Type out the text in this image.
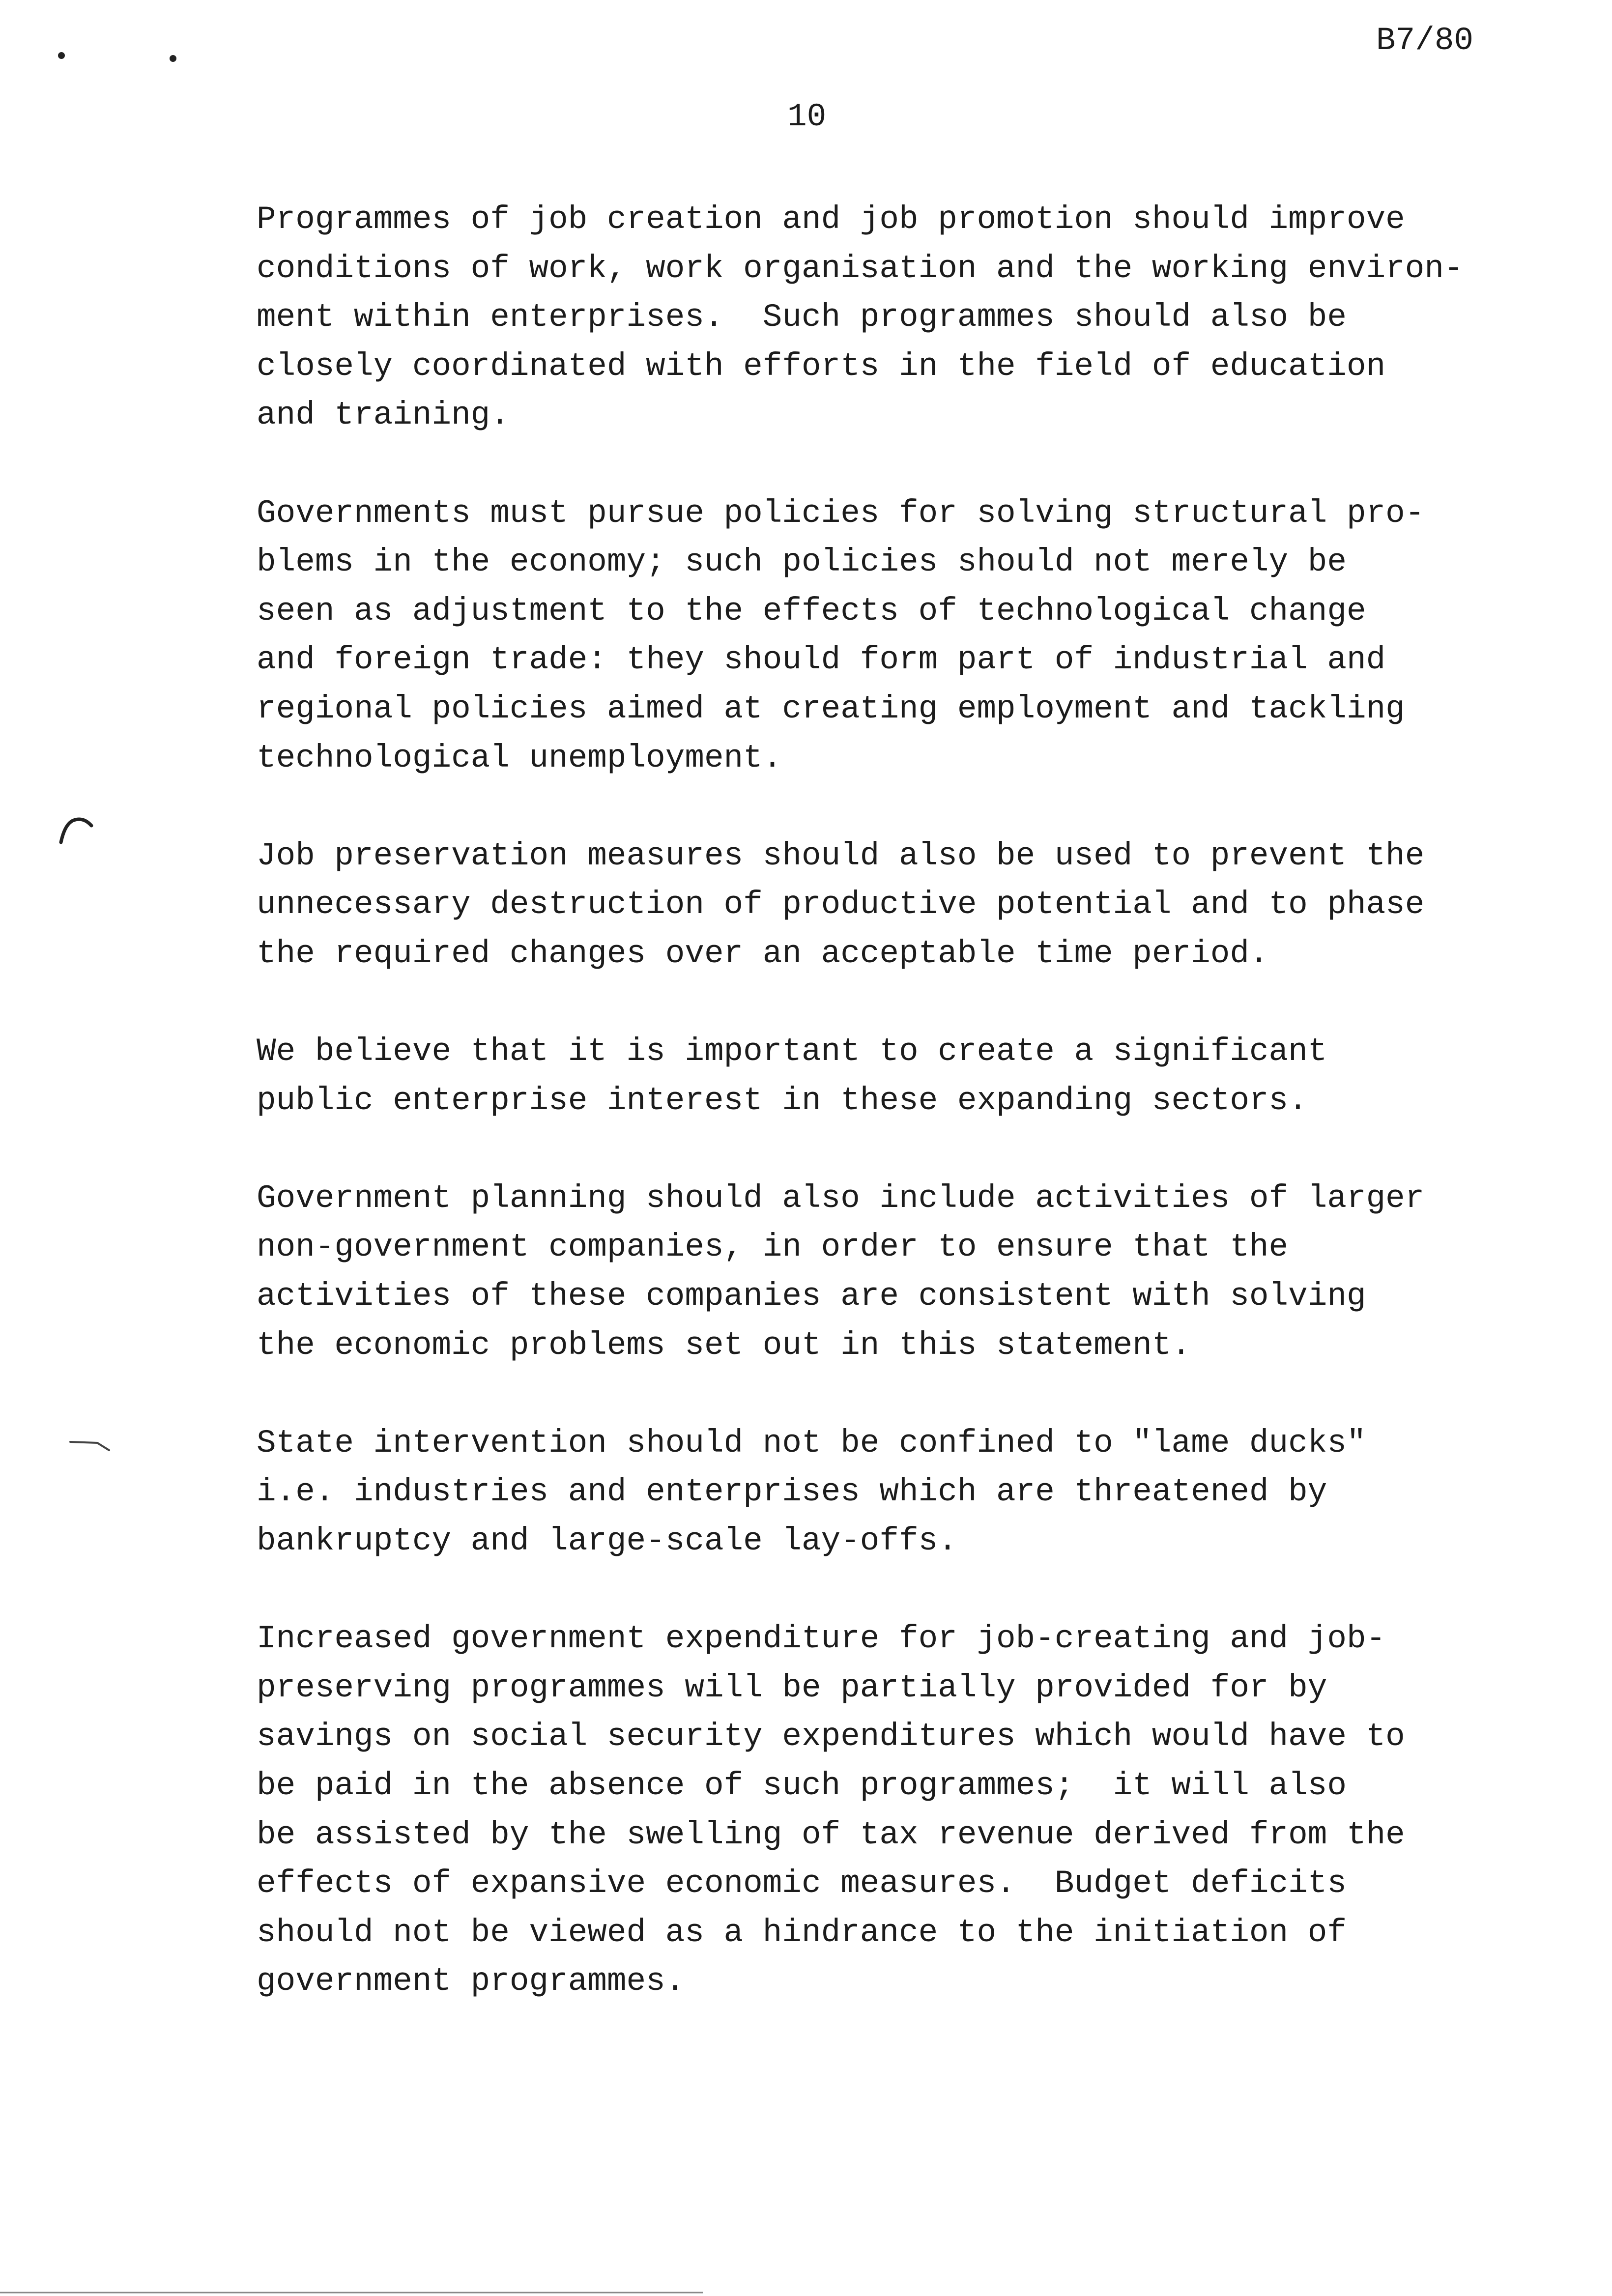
B7/80
10

Programmes of job creation and job promotion should improve
conditions of work, work organisation and the working environ-
ment within enterprises.  Such programmes should also be
closely coordinated with efforts in the field of education
and training.

Governments must pursue policies for solving structural pro-
blems in the economy; such policies should not merely be
seen as adjustment to the effects of technological change
and foreign trade: they should form part of industrial and
regional policies aimed at creating employment and tackling
technological unemployment.

Job preservation measures should also be used to prevent the
unnecessary destruction of productive potential and to phase
the required changes over an acceptable time period.

We believe that it is important to create a significant
public enterprise interest in these expanding sectors.

Government planning should also include activities of larger
non-government companies, in order to ensure that the
activities of these companies are consistent with solving
the economic problems set out in this statement.

State intervention should not be confined to "lame ducks"
i.e. industries and enterprises which are threatened by
bankruptcy and large-scale lay-offs.

Increased government expenditure for job-creating and job-
preserving programmes will be partially provided for by
savings on social security expenditures which would have to
be paid in the absence of such programmes;  it will also
be assisted by the swelling of tax revenue derived from the
effects of expansive economic measures.  Budget deficits
should not be viewed as a hindrance to the initiation of
government programmes.
